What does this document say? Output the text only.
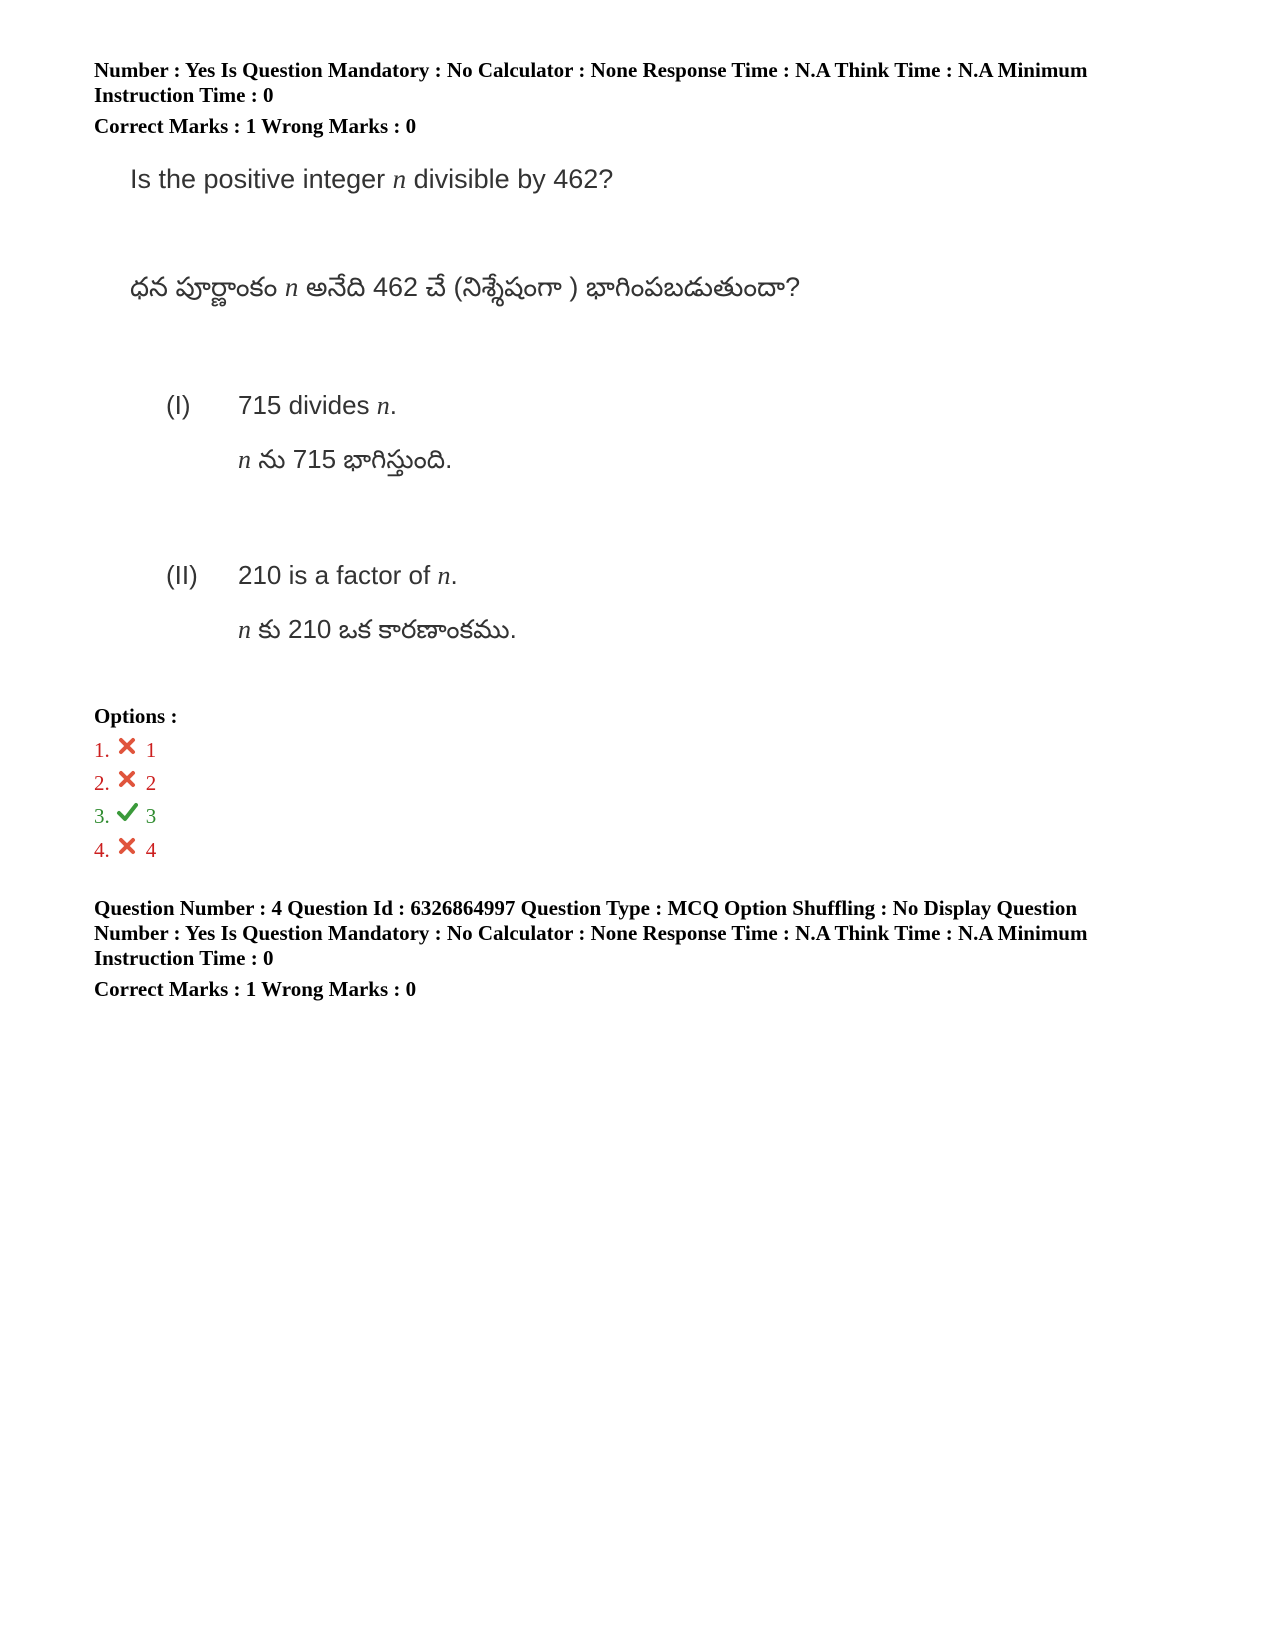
Number : Yes Is Question Mandatory : No Calculator : None Response Time : N.A Think Time : N.A Minimum
Instruction Time : 0
Correct Marks : 1 Wrong Marks : 0
Is the positive integer n divisible by 462?
ధన పూర్ణాంకం n అనేది 462 చే (నిశ్శేషంగా ) భాగింపబడుతుందా?
(I) 715 divides n.
n ను 715 భాగిస్తుంది.
(II) 210 is a factor of n.
n కు 210 ఒక కారణాంకము.
Options :
1. 1
2. 2
3. 3
4. 4
Question Number : 4 Question Id : 6326864997 Question Type : MCQ Option Shuffling : No Display Question
Number : Yes Is Question Mandatory : No Calculator : None Response Time : N.A Think Time : N.A Minimum
Instruction Time : 0
Correct Marks : 1 Wrong Marks : 0
